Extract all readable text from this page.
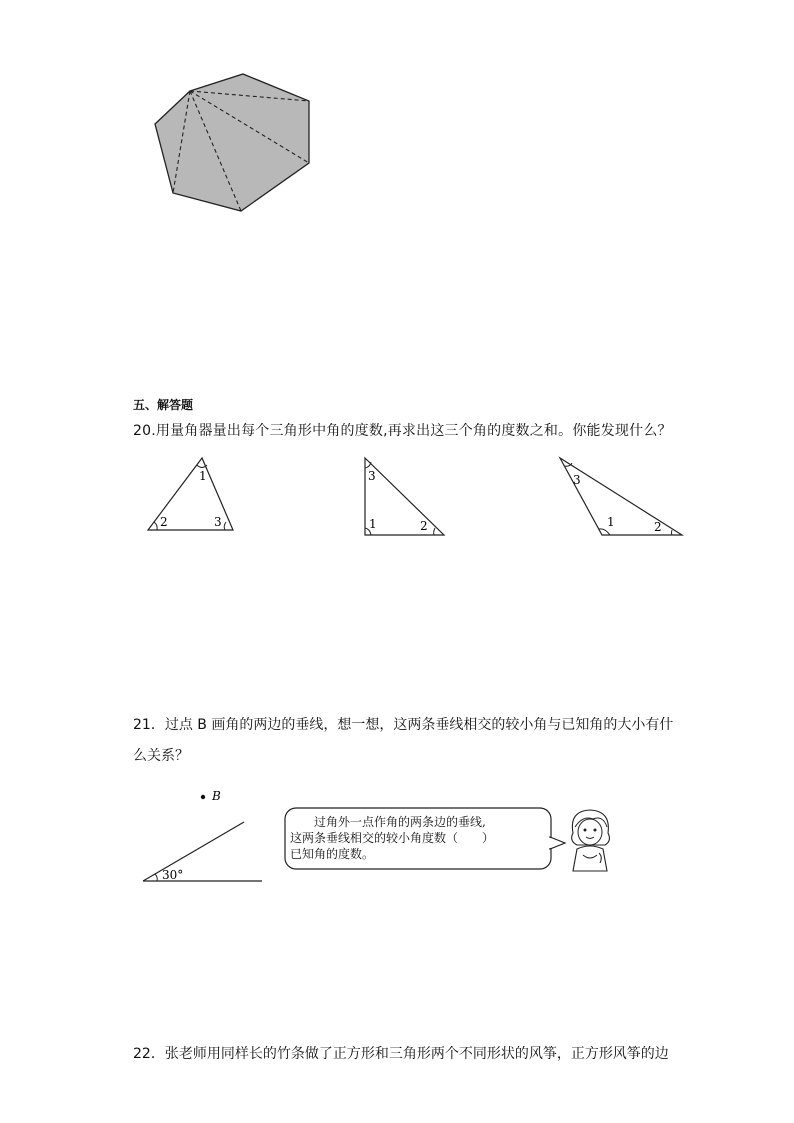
五、解答题
20.用量角器量出每个三角形中角的度数,再求出这三个角的度数之和。你能发现什么？
1
2	3
3
1	2
3
1	2
21．过点 B 画角的两边的垂线，想一想，这两条垂线相交的较小角与已知角的大小有什
么关系？
B
30°
过角外一点作角的两条边的垂线,
这两条垂线相交的较小角度数（　　）
已知角的度数。
22．张老师用同样长的竹条做了正方形和三角形两个不同形状的风筝，正方形风筝的边
